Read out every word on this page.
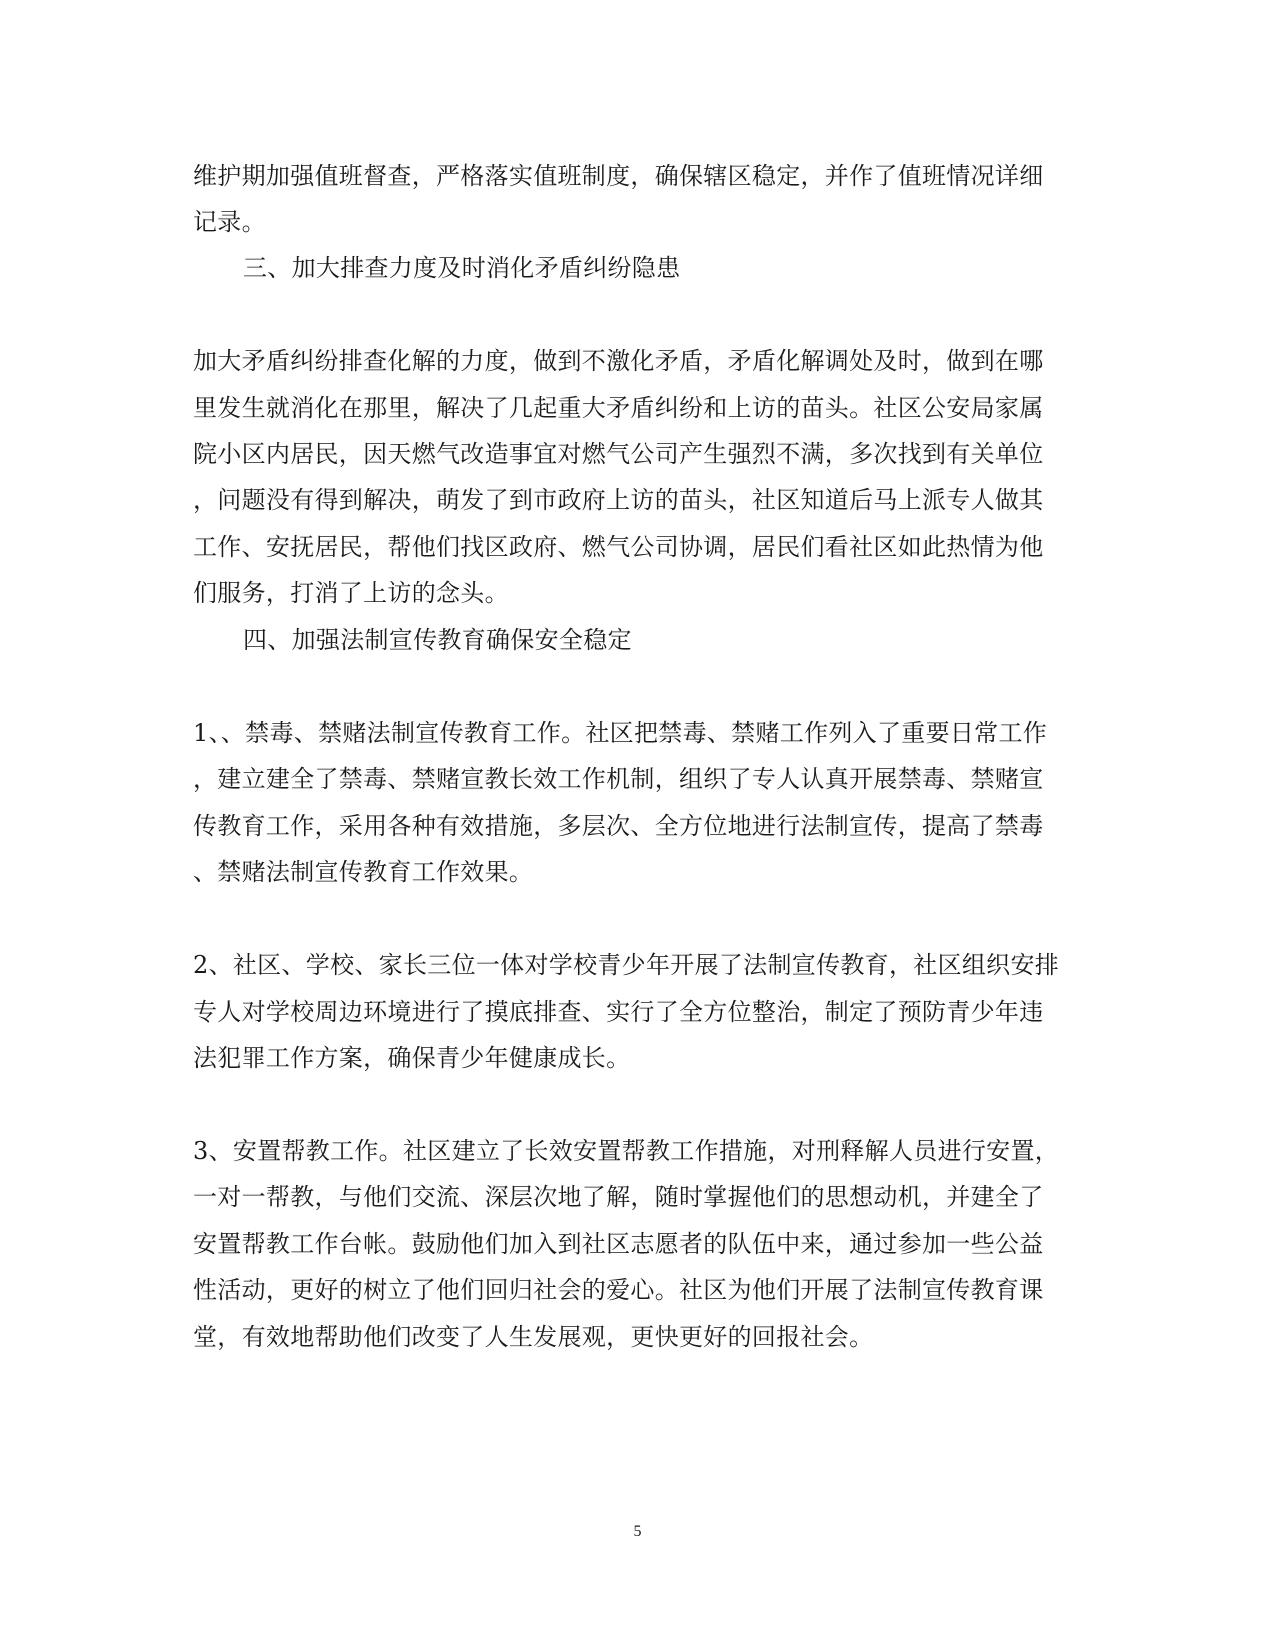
维护期加强值班督查，严格落实值班制度，确保辖区稳定，并作了值班情况详细
记录。
三、加大排查力度及时消化矛盾纠纷隐患
加大矛盾纠纷排查化解的力度，做到不激化矛盾，矛盾化解调处及时，做到在哪
里发生就消化在那里，解决了几起重大矛盾纠纷和上访的苗头。社区公安局家属
院小区内居民，因天燃气改造事宜对燃气公司产生强烈不满，多次找到有关单位
，问题没有得到解决，萌发了到市政府上访的苗头，社区知道后马上派专人做其
工作、安抚居民，帮他们找区政府、燃气公司协调，居民们看社区如此热情为他
们服务，打消了上访的念头。
四、加强法制宣传教育确保安全稳定
1、、禁毒、禁赌法制宣传教育工作。社区把禁毒、禁赌工作列入了重要日常工作
，建立建全了禁毒、禁赌宣教长效工作机制，组织了专人认真开展禁毒、禁赌宣
传教育工作，采用各种有效措施，多层次、全方位地进行法制宣传，提高了禁毒
、禁赌法制宣传教育工作效果。
2、社区、学校、家长三位一体对学校青少年开展了法制宣传教育，社区组织安排
专人对学校周边环境进行了摸底排查、实行了全方位整治，制定了预防青少年违
法犯罪工作方案，确保青少年健康成长。
3、安置帮教工作。社区建立了长效安置帮教工作措施，对刑释解人员进行安置，
一对一帮教，与他们交流、深层次地了解，随时掌握他们的思想动机，并建全了
安置帮教工作台帐。鼓励他们加入到社区志愿者的队伍中来，通过参加一些公益
性活动，更好的树立了他们回归社会的爱心。社区为他们开展了法制宣传教育课
堂，有效地帮助他们改变了人生发展观，更快更好的回报社会。
5
